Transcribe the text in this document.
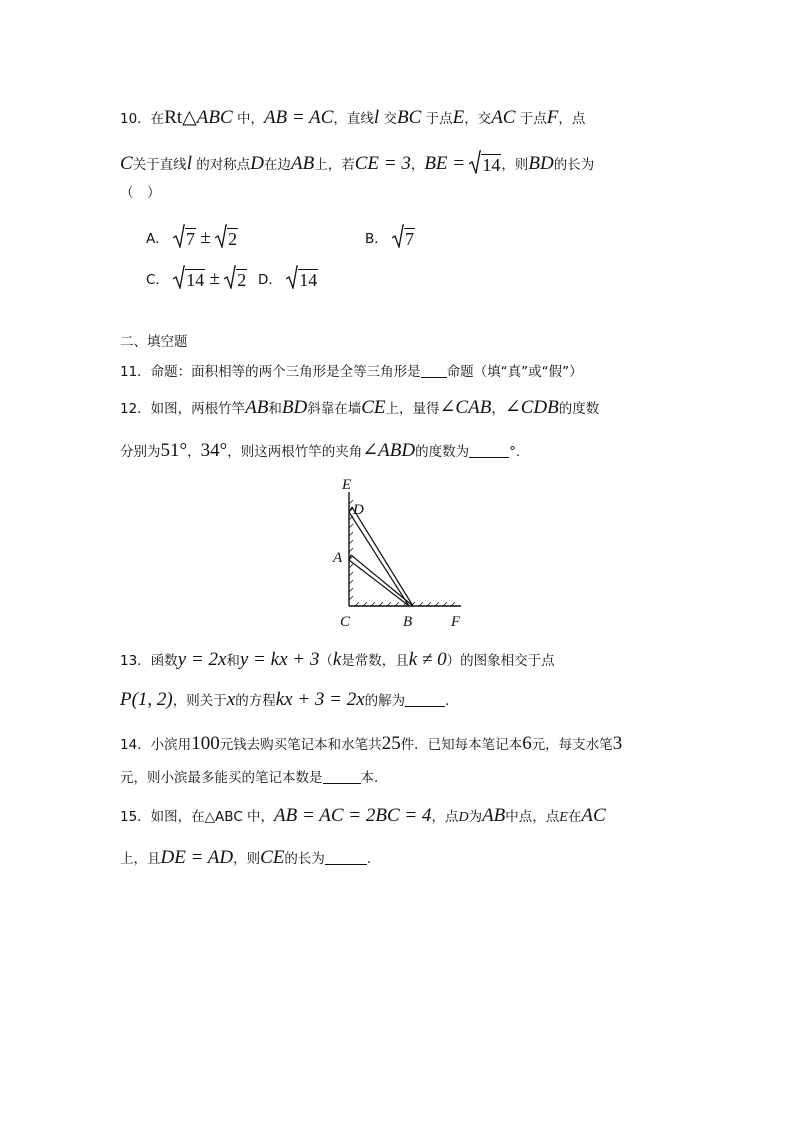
10．在Rt△ABC 中，AB = AC，直线l 交BC 于点E，交AC 于点F，点
C关于直线l 的对称点D在边AB上，若CE = 3，BE = 14 ，则BD的长为
（　）
A． 7 ± 2	B． 7
C． 14 ± 2 D． 14
二、填空题
11．命题：面积相等的两个三角形是全等三角形是 命题（填“真”或“假”）
12．如图，两根竹竿AB和BD斜靠在墙CE上，量得∠CAB，∠CDB的度数
分别为51°，34°，则这两根竹竿的夹角∠ABD的度数为	°.
E
D
A
C	B	F
13．函数y = 2x和y = kx + 3（k是常数，且k ≠ 0）的图象相交于点
P(1, 2)，则关于x的方程kx + 3 = 2x的解为	.
14．小滨用100元钱去购买笔记本和水笔共25件．已知每本笔记本6元，每支水笔3
元，则小滨最多能买的笔记本数是	本.
15．如图，在△ABC 中，AB = AC = 2BC = 4，点D为AB中点，点E在AC
上，且DE = AD，则CE的长为	.
